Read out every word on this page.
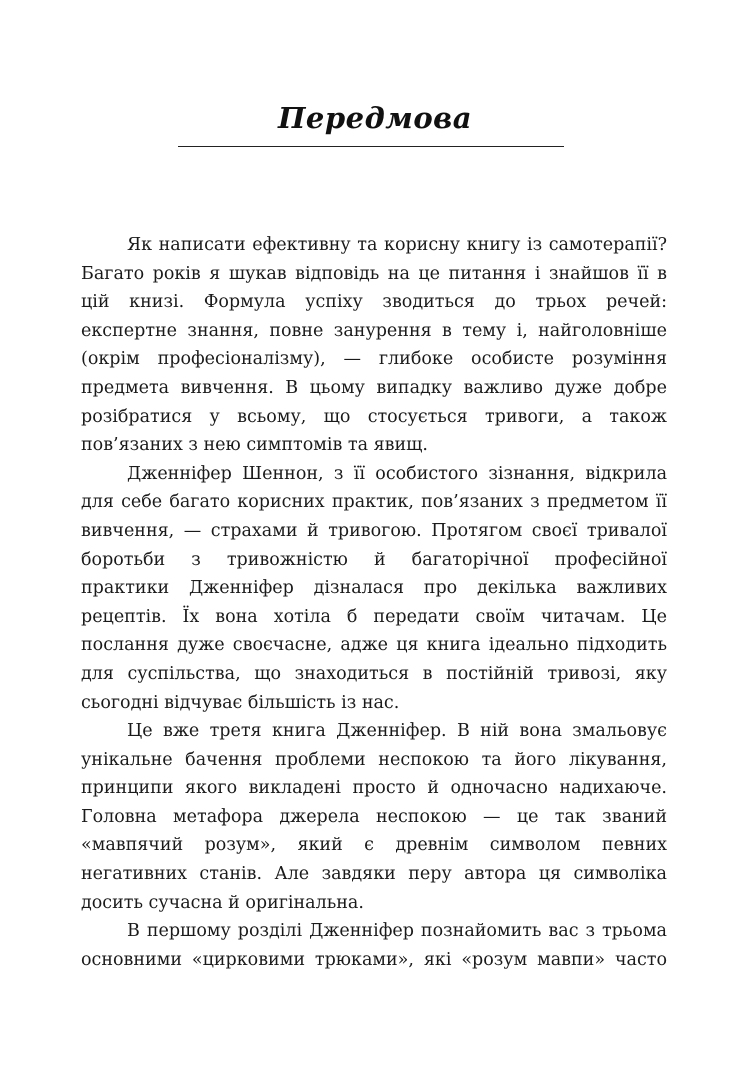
Передмова
Як написати ефективну та корисну книгу із самотерапії?
Багато років я шукав відповідь на це питання і знайшов її в
цій книзі. Формула успіху зводиться до трьох речей:
експертне знання, повне занурення в тему і, найголовніше
(окрім професіоналізму), — глибоке особисте розуміння
предмета вивчення. В цьому випадку важливо дуже добре
розібратися у всьому, що стосується тривоги, а також
пов’язаних з нею симптомів та явищ.
Дженніфер Шеннон, з її особистого зізнання, відкрила
для себе багато корисних практик, пов’язаних з предметом її
вивчення, — страхами й тривогою. Протягом своєї тривалої
боротьби з тривожністю й багаторічної професійної
практики Дженніфер дізналася про декілька важливих
рецептів. Їх вона хотіла б передати своїм читачам. Це
послання дуже своєчасне, адже ця книга ідеально підходить
для суспільства, що знаходиться в постійній тривозі, яку
сьогодні відчуває більшість із нас.
Це вже третя книга Дженніфер. В ній вона змальовує
унікальне бачення проблеми неспокою та його лікування,
принципи якого викладені просто й одночасно надихаюче.
Головна метафора джерела неспокою — це так званий
«мавпячий розум», який є древнім символом певних
негативних станів. Але завдяки перу автора ця символіка
досить сучасна й оригінальна.
В першому розділі Дженніфер познайомить вас з трьома
основними «цирковими трюками», які «розум мавпи» часто
